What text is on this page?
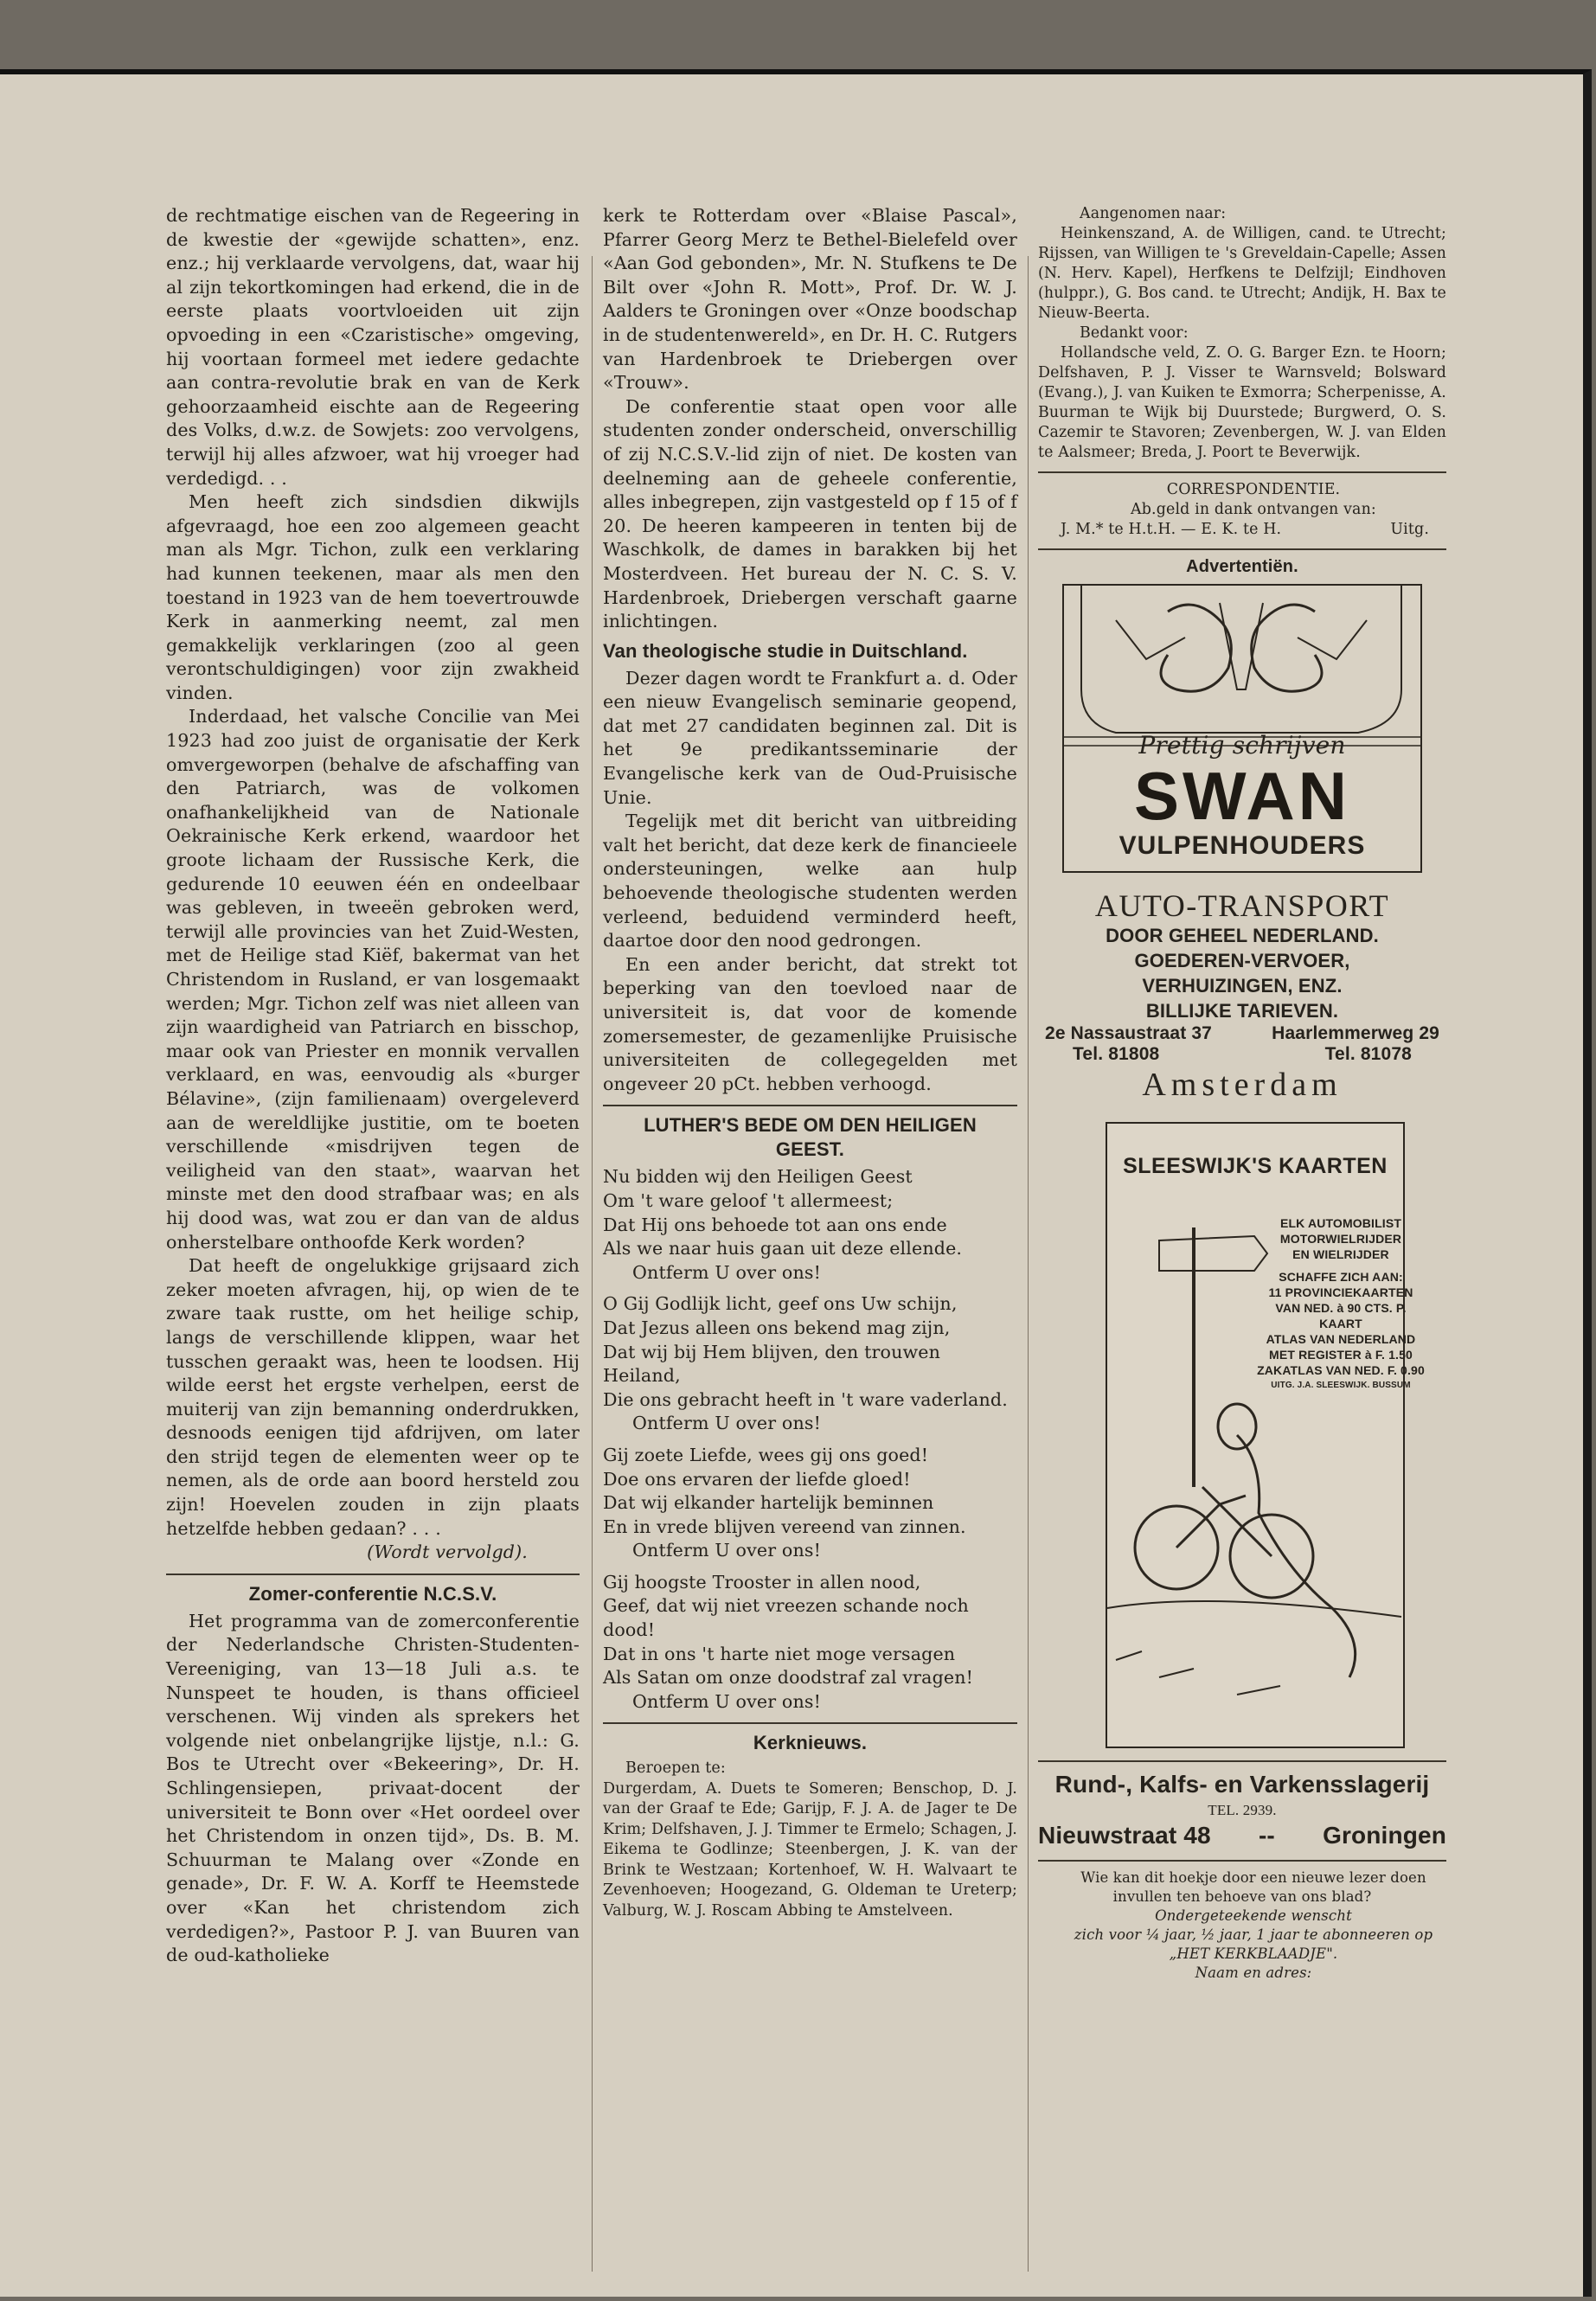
de rechtmatige eischen van de Regeering in de kwestie der «gewijde schatten», enz. enz.; hij verklaarde vervolgens, dat, waar hij al zijn tekortkomingen had erkend, die in de eerste plaats voortvloeiden uit zijn opvoeding in een «Czaristische» omgeving, hij voortaan formeel met iedere gedachte aan contra-revolutie brak en van de Kerk gehoorzaamheid eischte aan de Regeering des Volks, d.w.z. de Sowjets: zoo vervolgens, terwijl hij alles afzwoer, wat hij vroeger had verdedigd. . .

Men heeft zich sindsdien dikwijls afgevraagd, hoe een zoo algemeen geacht man als Mgr. Tichon, zulk een verklaring had kunnen teekenen, maar als men den toestand in 1923 van de hem toevertrouwde Kerk in aanmerking neemt, zal men gemakkelijk verklaringen (zoo al geen verontschuldigingen) voor zijn zwakheid vinden.

Inderdaad, het valsche Concilie van Mei 1923 had zoo juist de organisatie der Kerk omvergeworpen (behalve de afschaffing van den Patriarch, was de volkomen onafhankelijkheid van de Nationale Oekrainische Kerk erkend, waardoor het groote lichaam der Russische Kerk, die gedurende 10 eeuwen één en ondeelbaar was gebleven, in tweeën gebroken werd, terwijl alle provincies van het Zuid-Westen, met de Heilige stad Kiëf, bakermat van het Christendom in Rusland, er van losgemaakt werden; Mgr. Tichon zelf was niet alleen van zijn waardigheid van Patriarch en bisschop, maar ook van Priester en monnik vervallen verklaard, en was, eenvoudig als «burger Bélavine», (zijn familienaam) overgeleverd aan de wereldlijke justitie, om te boeten verschillende «misdrijven tegen de veiligheid van den staat», waarvan het minste met den dood strafbaar was; en als hij dood was, wat zou er dan van de aldus onherstelbare onthoofde Kerk worden?

Dat heeft de ongelukkige grijsaard zich zeker moeten afvragen, hij, op wien de te zware taak rustte, om het heilige schip, langs de verschillende klippen, waar het tusschen geraakt was, heen te loodsen. Hij wilde eerst het ergste verhelpen, eerst de muiterij van zijn bemanning onderdrukken, desnoods eenigen tijd afdrijven, om later den strijd tegen de elementen weer op te nemen, als de orde aan boord hersteld zou zijn! Hoevelen zouden in zijn plaats hetzelfde hebben gedaan? . . .

(Wordt vervolgd).

Zomer-conferentie N.C.S.V.

Het programma van de zomerconferentie der Nederlandsche Christen-Studenten-Vereeniging, van 13—18 Juli a.s. te Nunspeet te houden, is thans officieel verschenen. Wij vinden als sprekers het volgende niet onbelangrijke lijstje, n.l.: G. Bos te Utrecht over «Bekeering», Dr. H. Schlingensiepen, privaat-docent der universiteit te Bonn over «Het oordeel over het Christendom in onzen tijd», Ds. B. M. Schuurman te Malang over «Zonde en genade», Dr. F. W. A. Korff te Heemstede over «Kan het christendom zich verdedigen?», Pastoor P. J. van Buuren van de oud-katholieke

kerk te Rotterdam over «Blaise Pascal», Pfarrer Georg Merz te Bethel-Bielefeld over «Aan God gebonden», Mr. N. Stufkens te De Bilt over «John R. Mott», Prof. Dr. W. J. Aalders te Groningen over «Onze boodschap in de studentenwereld», en Dr. H. C. Rutgers van Hardenbroek te Driebergen over «Trouw».

De conferentie staat open voor alle studenten zonder onderscheid, onverschillig of zij N.C.S.V.-lid zijn of niet. De kosten van deelneming aan de geheele conferentie, alles inbegrepen, zijn vastgesteld op f 15 of f 20. De heeren kampeeren in tenten bij de Waschkolk, de dames in barakken bij het Mosterdveen. Het bureau der N. C. S. V. Hardenbroek, Driebergen verschaft gaarne inlichtingen.

Van theologische studie in Duitschland.

Dezer dagen wordt te Frankfurt a. d. Oder een nieuw Evangelisch seminarie geopend, dat met 27 candidaten beginnen zal. Dit is het 9e predikantsseminarie der Evangelische kerk van de Oud-Pruisische Unie.

Tegelijk met dit bericht van uitbreiding valt het bericht, dat deze kerk de financieele ondersteuningen, welke aan hulp behoevende theologische studenten werden verleend, beduidend verminderd heeft, daartoe door den nood gedrongen.

En een ander bericht, dat strekt tot beperking van den toevloed naar de universiteit is, dat voor de komende zomersemester, de gezamenlijke Pruisische universiteiten de collegegelden met ongeveer 20 pCt. hebben verhoogd.

LUTHER'S BEDE OM DEN HEILIGEN GEEST.

Nu bidden wij den Heiligen Geest

Om 't ware geloof 't allermeest;

Dat Hij ons behoede tot aan ons ende

Als we naar huis gaan uit deze ellende.

Ontferm U over ons!

O Gij Godlijk licht, geef ons Uw schijn,

Dat Jezus alleen ons bekend mag zijn,

Dat wij bij Hem blijven, den trouwen Heiland,

Die ons gebracht heeft in 't ware vaderland.

Ontferm U over ons!

Gij zoete Liefde, wees gij ons goed!

Doe ons ervaren der liefde gloed!

Dat wij elkander hartelijk beminnen

En in vrede blijven vereend van zinnen.

Ontferm U over ons!

Gij hoogste Trooster in allen nood,

Geef, dat wij niet vreezen schande noch dood!

Dat in ons 't harte niet moge versagen

Als Satan om onze doodstraf zal vragen!

Ontferm U over ons!

Kerknieuws.

Beroepen te:

Durgerdam, A. Duets te Someren; Benschop, D. J. van der Graaf te Ede; Garijp, F. J. A. de Jager te De Krim; Delfshaven, J. J. Timmer te Ermelo; Schagen, J. Eikema te Godlinze; Steenbergen, J. K. van der Brink te Westzaan; Kortenhoef, W. H. Walvaart te Zevenhoeven; Hoogezand, G. Oldeman te Ureterp; Valburg, W. J. Roscam Abbing te Amstelveen.

Aangenomen naar:

Heinkenszand, A. de Willigen, cand. te Utrecht; Rijssen, van Willigen te 's Greveldain-Capelle; Assen (N. Herv. Kapel), Herfkens te Delfzijl; Eindhoven (hulppr.), G. Bos cand. te Utrecht; Andijk, H. Bax te Nieuw-Beerta.

Bedankt voor:

Hollandsche veld, Z. O. G. Barger Ezn. te Hoorn; Delfshaven, P. J. Visser te Warnsveld; Bolsward (Evang.), J. van Kuiken te Exmorra; Scherpenisse, A. Buurman te Wijk bij Duurstede; Burgwerd, O. S. Cazemir te Stavoren; Zevenbergen, W. J. van Elden te Aalsmeer; Breda, J. Poort te Beverwijk.

CORRESPONDENTIE.

Ab.geld in dank ontvangen van:

J. M.* te H.t.H. — E. K. te H.	Uitg.

Advertentiën.
Prettig schrijven
SWAN
VULPENHOUDERS
AUTO-TRANSPORT
DOOR GEHEEL NEDERLAND.
GOEDEREN-VERVOER,
VERHUIZINGEN, ENZ.
BILLIJKE TARIEVEN.
2e Nassaustraat 37	Haarlemmerweg 29
Tel. 81808	Tel. 81078
Amsterdam
SLEESWIJK'S KAARTEN
ELK AUTOMOBILIST
MOTORWIELRIJDER
EN WIELRIJDER
SCHAFFE ZICH AAN:
11 PROVINCIEKAARTEN
VAN NED. à 90 CTS. P. KAART
ATLAS VAN NEDERLAND
MET REGISTER à F. 1.50
ZAKATLAS VAN NED. F. 0.90
UITG. J.A. SLEESWIJK. BUSSUM
Rund-, Kalfs- en Varkensslagerij
TEL. 2939.
Nieuwstraat 48 -- Groningen

Wie kan dit hoekje door een nieuwe lezer doen invullen ten behoeve van ons blad?

Ondergeteekende wenscht

zich voor ¼ jaar, ½ jaar, 1 jaar te abonneeren op

„HET KERKBLAADJE".

Naam en adres:
